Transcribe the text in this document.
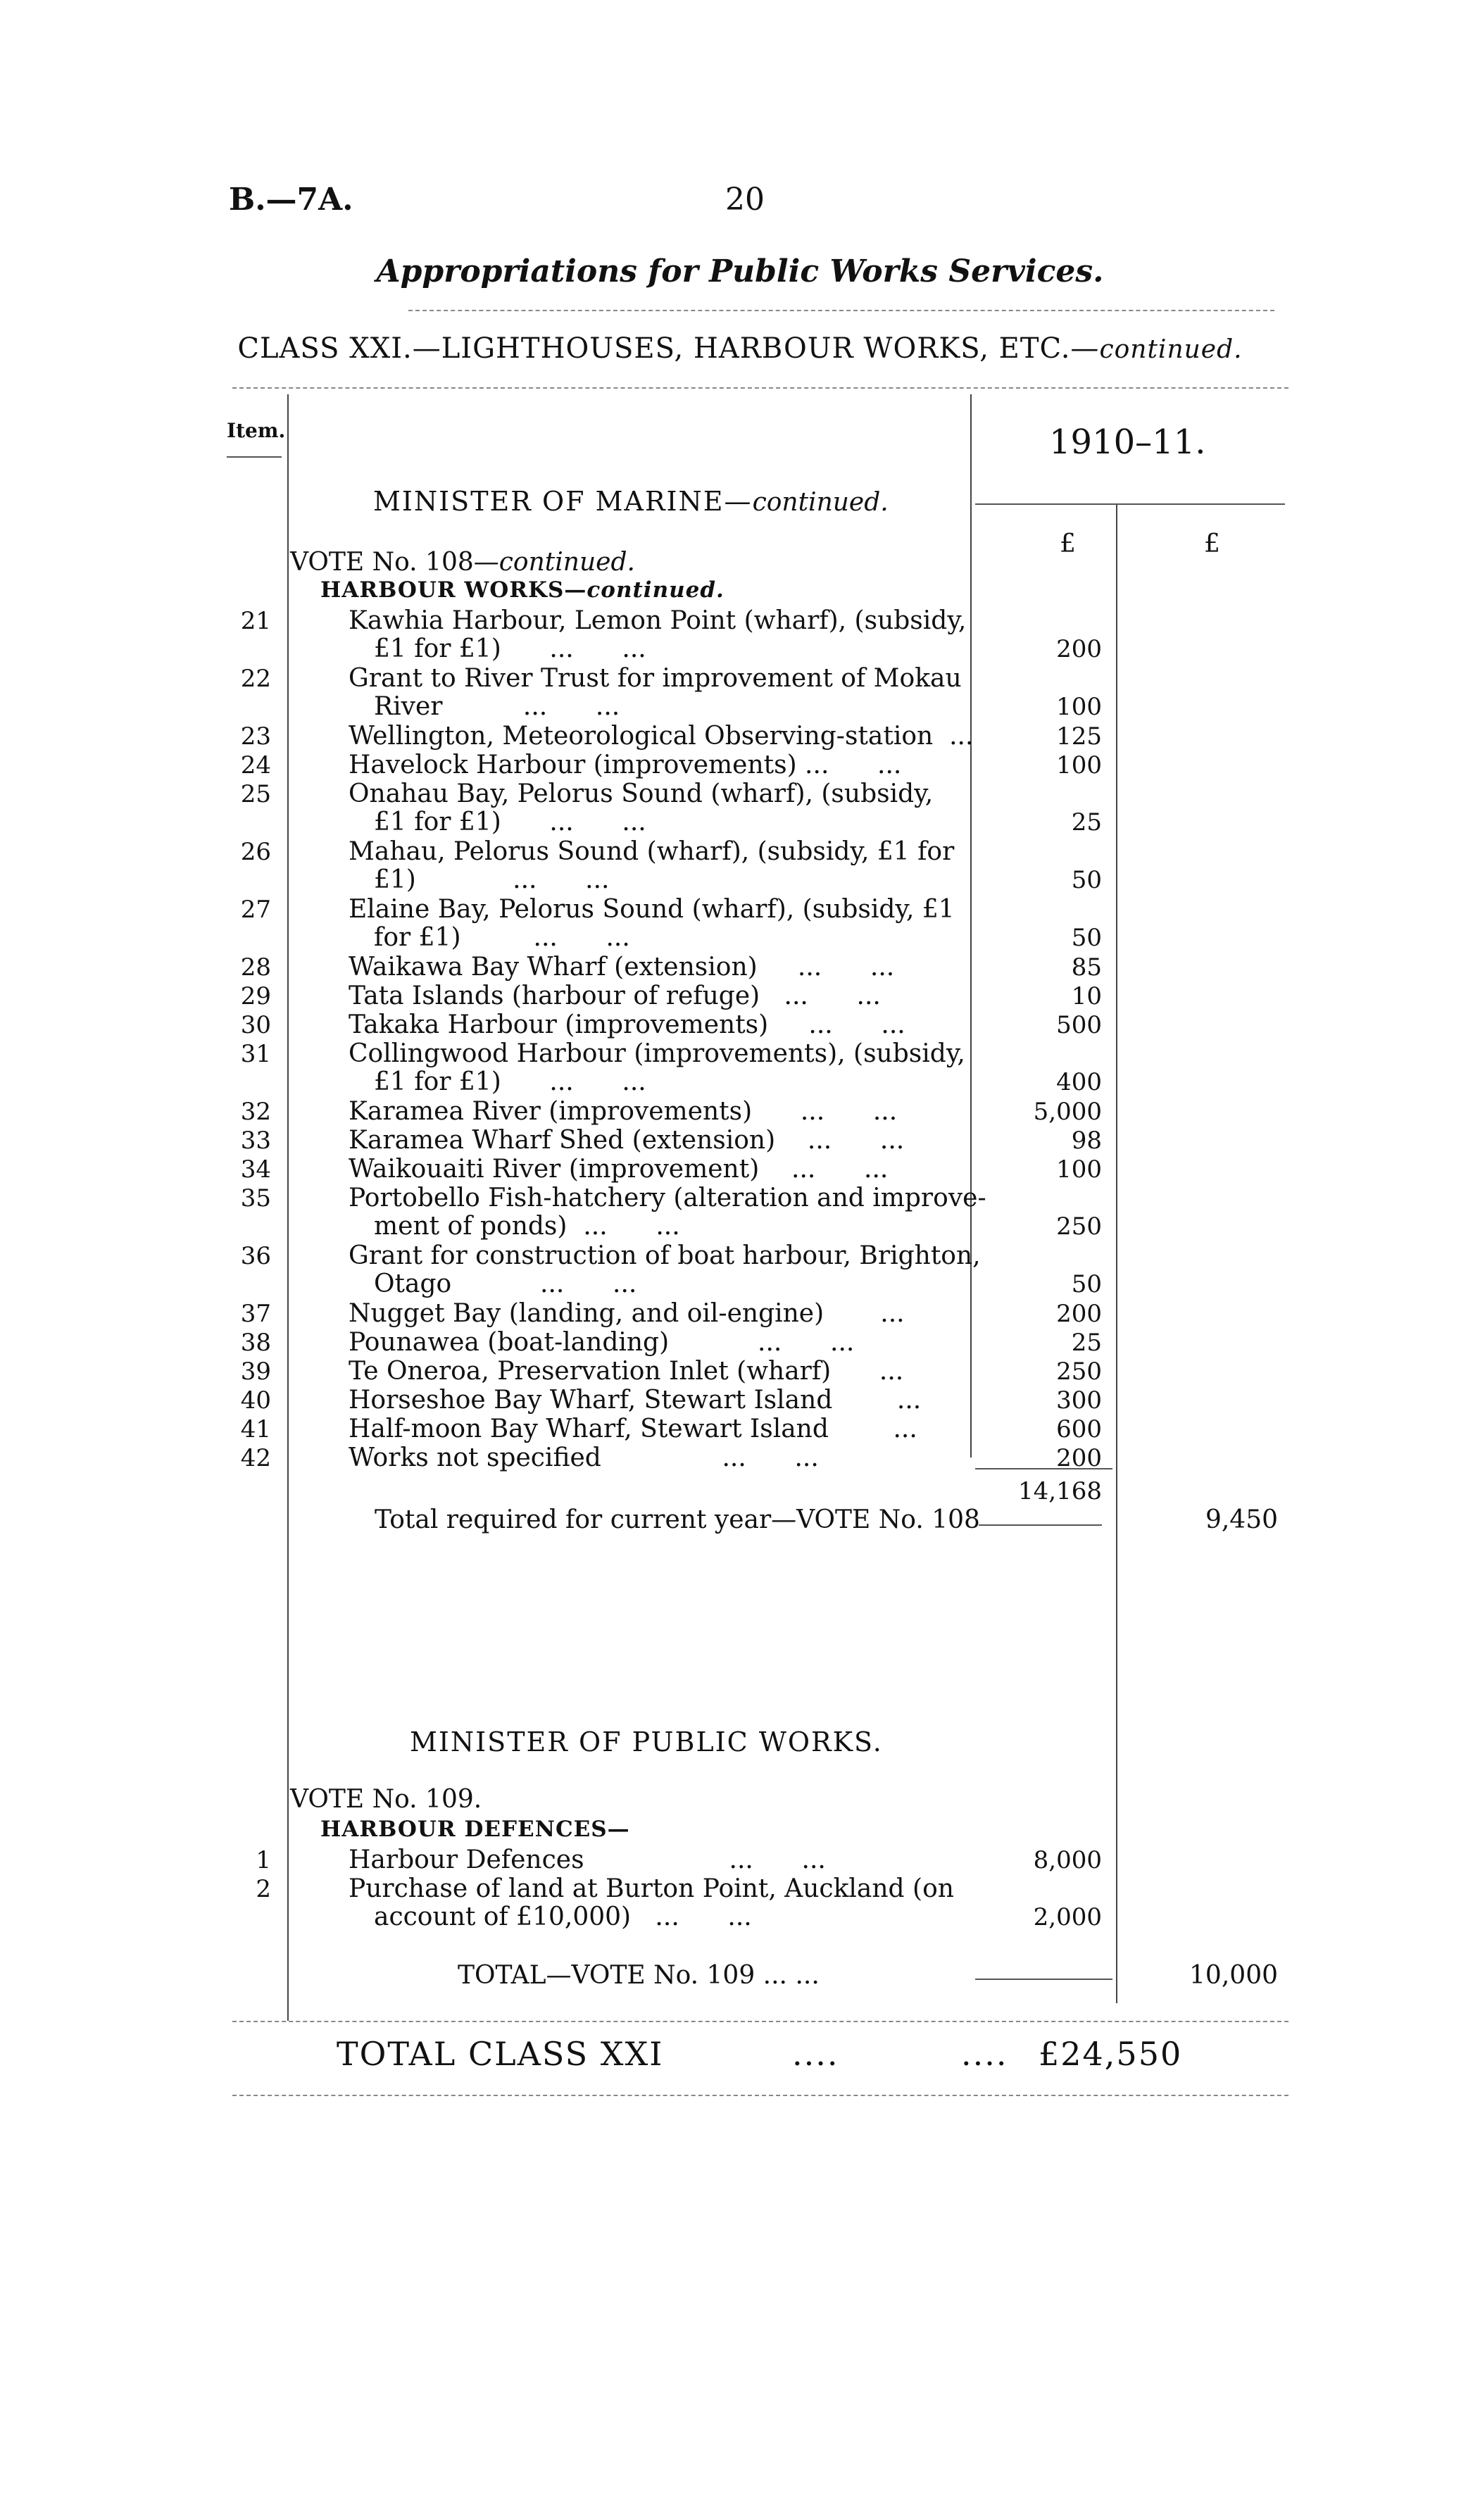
B.—7A.	20
Appropriations for Public Works Services.
CLASS XXI.—LIGHTHOUSES, HARBOUR WORKS, ETC.—continued.
Item.	1910–11.
£	£
MINISTER OF MARINE—continued.
VOTE No. 108—continued.
HARBOUR WORKS—continued.
21	Kawhia Harbour, Lemon Point (wharf), (subsidy,
£1 for £1)      ...      ...	200
22	Grant to River Trust for improvement of Mokau
River          ...      ...	100
23	Wellington, Meteorological Observing-station  ...	125
24	Havelock Harbour (improvements) ...      ...	100
25	Onahau Bay, Pelorus Sound (wharf), (subsidy,
£1 for £1)      ...      ...	25
26	Mahau, Pelorus Sound (wharf), (subsidy, £1 for
£1)            ...      ...	50
27	Elaine Bay, Pelorus Sound (wharf), (subsidy, £1
for £1)         ...      ...	50
28	Waikawa Bay Wharf (extension)     ...      ...	85
29	Tata Islands (harbour of refuge)   ...      ...	10
30	Takaka Harbour (improvements)     ...      ...	500
31	Collingwood Harbour (improvements), (subsidy,
£1 for £1)      ...      ...	400
32	Karamea River (improvements)      ...      ...	5,000
33	Karamea Wharf Shed (extension)    ...      ...	98
34	Waikouaiti River (improvement)    ...      ...	100
35	Portobello Fish-hatchery (alteration and improve-
ment of ponds)  ...      ...	250
36	Grant for construction of boat harbour, Brighton,
Otago           ...      ...	50
37	Nugget Bay (landing, and oil-engine)       ...	200
38	Pounawea (boat-landing)           ...      ...	25
39	Te Oneroa, Preservation Inlet (wharf)      ...	250
40	Horseshoe Bay Wharf, Stewart Island        ...	300
41	Half-moon Bay Wharf, Stewart Island        ...	600
42	Works not specified               ...      ...	200
14,168
Total required for current year—VOTE No. 108	9,450
MINISTER OF PUBLIC WORKS.
VOTE No. 109.
HARBOUR DEFENCES—
1	Harbour Defences                  ...      ...	8,000
2	Purchase of land at Burton Point, Auckland (on
account of £10,000)   ...      ...	2,000
TOTAL—VOTE No. 109 ... ...	10,000
TOTAL CLASS XXI	....	.... £24,550
